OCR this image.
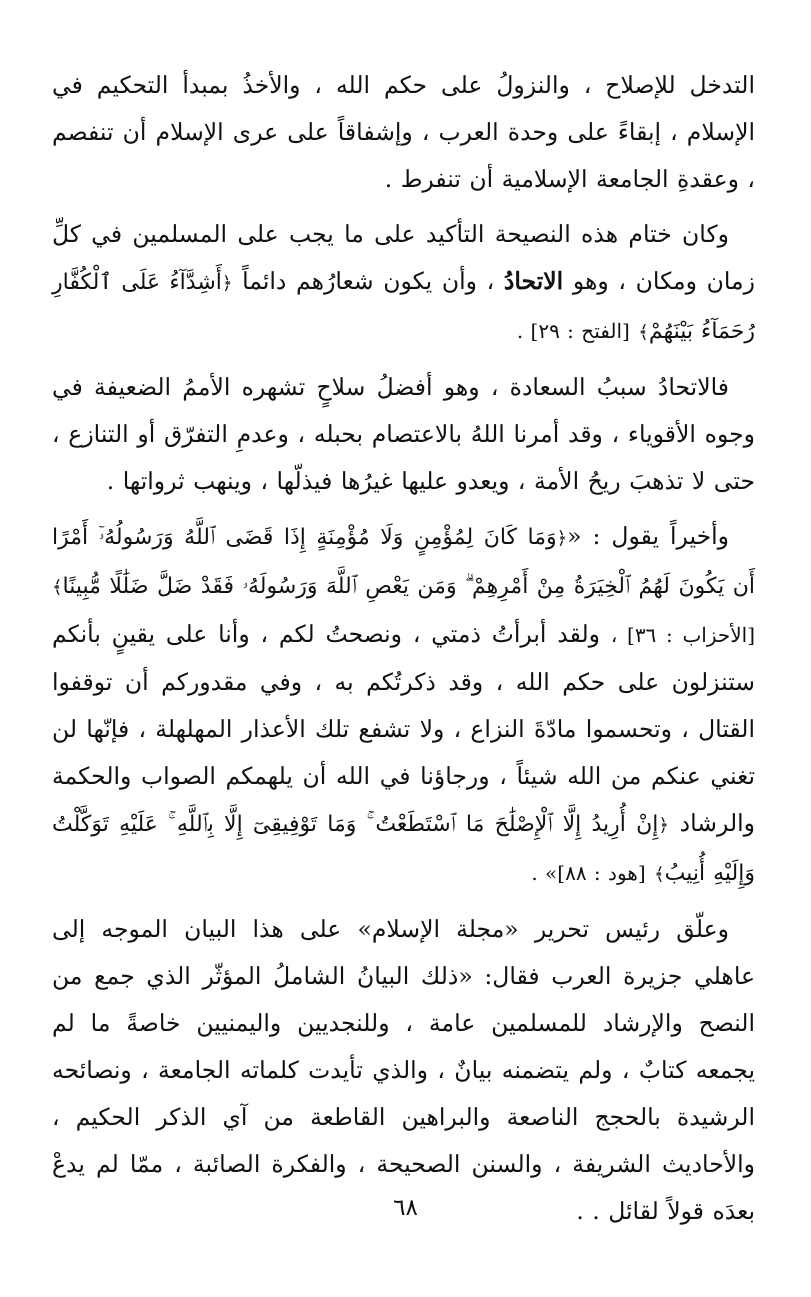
التدخل للإصلاح ، والنزولُ على حكم الله ، والأخذُ بمبدأ التحكيم في الإسلام ، إبقاءً على وحدة العرب ، وإشفاقاً على عرى الإسلام أن تنفصم ، وعقدةِ الجامعة الإسلامية أن تنفرط .

وكان ختام هذه النصيحة التأكيد على ما يجب على المسلمين في كلِّ زمان ومكان ، وهو الاتحادُ ، وأن يكون شعارُهم دائماً ﴿أَشِدَّآءُ عَلَى ٱلْكُفَّارِ رُحَمَآءُ بَيْنَهُمْ﴾ [الفتح : ٢٩] .

فالاتحادُ سببُ السعادة ، وهو أفضلُ سلاحٍ تشهره الأممُ الضعيفة في وجوه الأقوياء ، وقد أمرنا اللهُ بالاعتصام بحبله ، وعدمِ التفرّق أو التنازع ، حتى لا تذهبَ ريحُ الأمة ، ويعدو عليها غيرُها فيذلّها ، وينهب ثرواتها .

وأخيراً يقول : «﴿وَمَا كَانَ لِمُؤْمِنٍ وَلَا مُؤْمِنَةٍ إِذَا قَضَى ٱللَّهُ وَرَسُولُهُۥٓ أَمْرًا أَن يَكُونَ لَهُمُ ٱلْخِيَرَةُ مِنْ أَمْرِهِمْ ۗ وَمَن يَعْصِ ٱللَّهَ وَرَسُولَهُۥ فَقَدْ ضَلَّ ضَلَٰلًا مُّبِينًا﴾ [الأحزاب : ٣٦] ، ولقد أبرأتُ ذمتي ، ونصحتُ لكم ، وأنا على يقينٍ بأنكم ستنزلون على حكم الله ، وقد ذكرتُكم به ، وفي مقدوركم أن توقفوا القتال ، وتحسموا مادّةَ النزاع ، ولا تشفع تلك الأعذار المهلهلة ، فإنّها لن تغني عنكم من الله شيئاً ، ورجاؤنا في الله أن يلهمكم الصواب والحكمة والرشاد ﴿إِنْ أُرِيدُ إِلَّا ٱلْإِصْلَٰحَ مَا ٱسْتَطَعْتُ ۚ وَمَا تَوْفِيقِىٓ إِلَّا بِٱللَّهِ ۚ عَلَيْهِ تَوَكَّلْتُ وَإِلَيْهِ أُنِيبُ﴾ [هود : ٨٨]» .

وعلّق رئيس تحرير «مجلة الإسلام» على هذا البيان الموجه إلى عاهلي جزيرة العرب فقال: «ذلك البيانُ الشاملُ المؤثّر الذي جمع من النصح والإرشاد للمسلمين عامة ، وللنجديين واليمنيين خاصةً ما لم يجمعه كتابٌ ، ولم يتضمنه بيانٌ ، والذي تأيدت كلماته الجامعة ، ونصائحه الرشيدة بالحجج الناصعة والبراهين القاطعة من آي الذكر الحكيم ، والأحاديث الشريفة ، والسنن الصحيحة ، والفكرة الصائبة ، ممّا لم يدعْ بعدَه قولاً لقائل . .

٦٨
